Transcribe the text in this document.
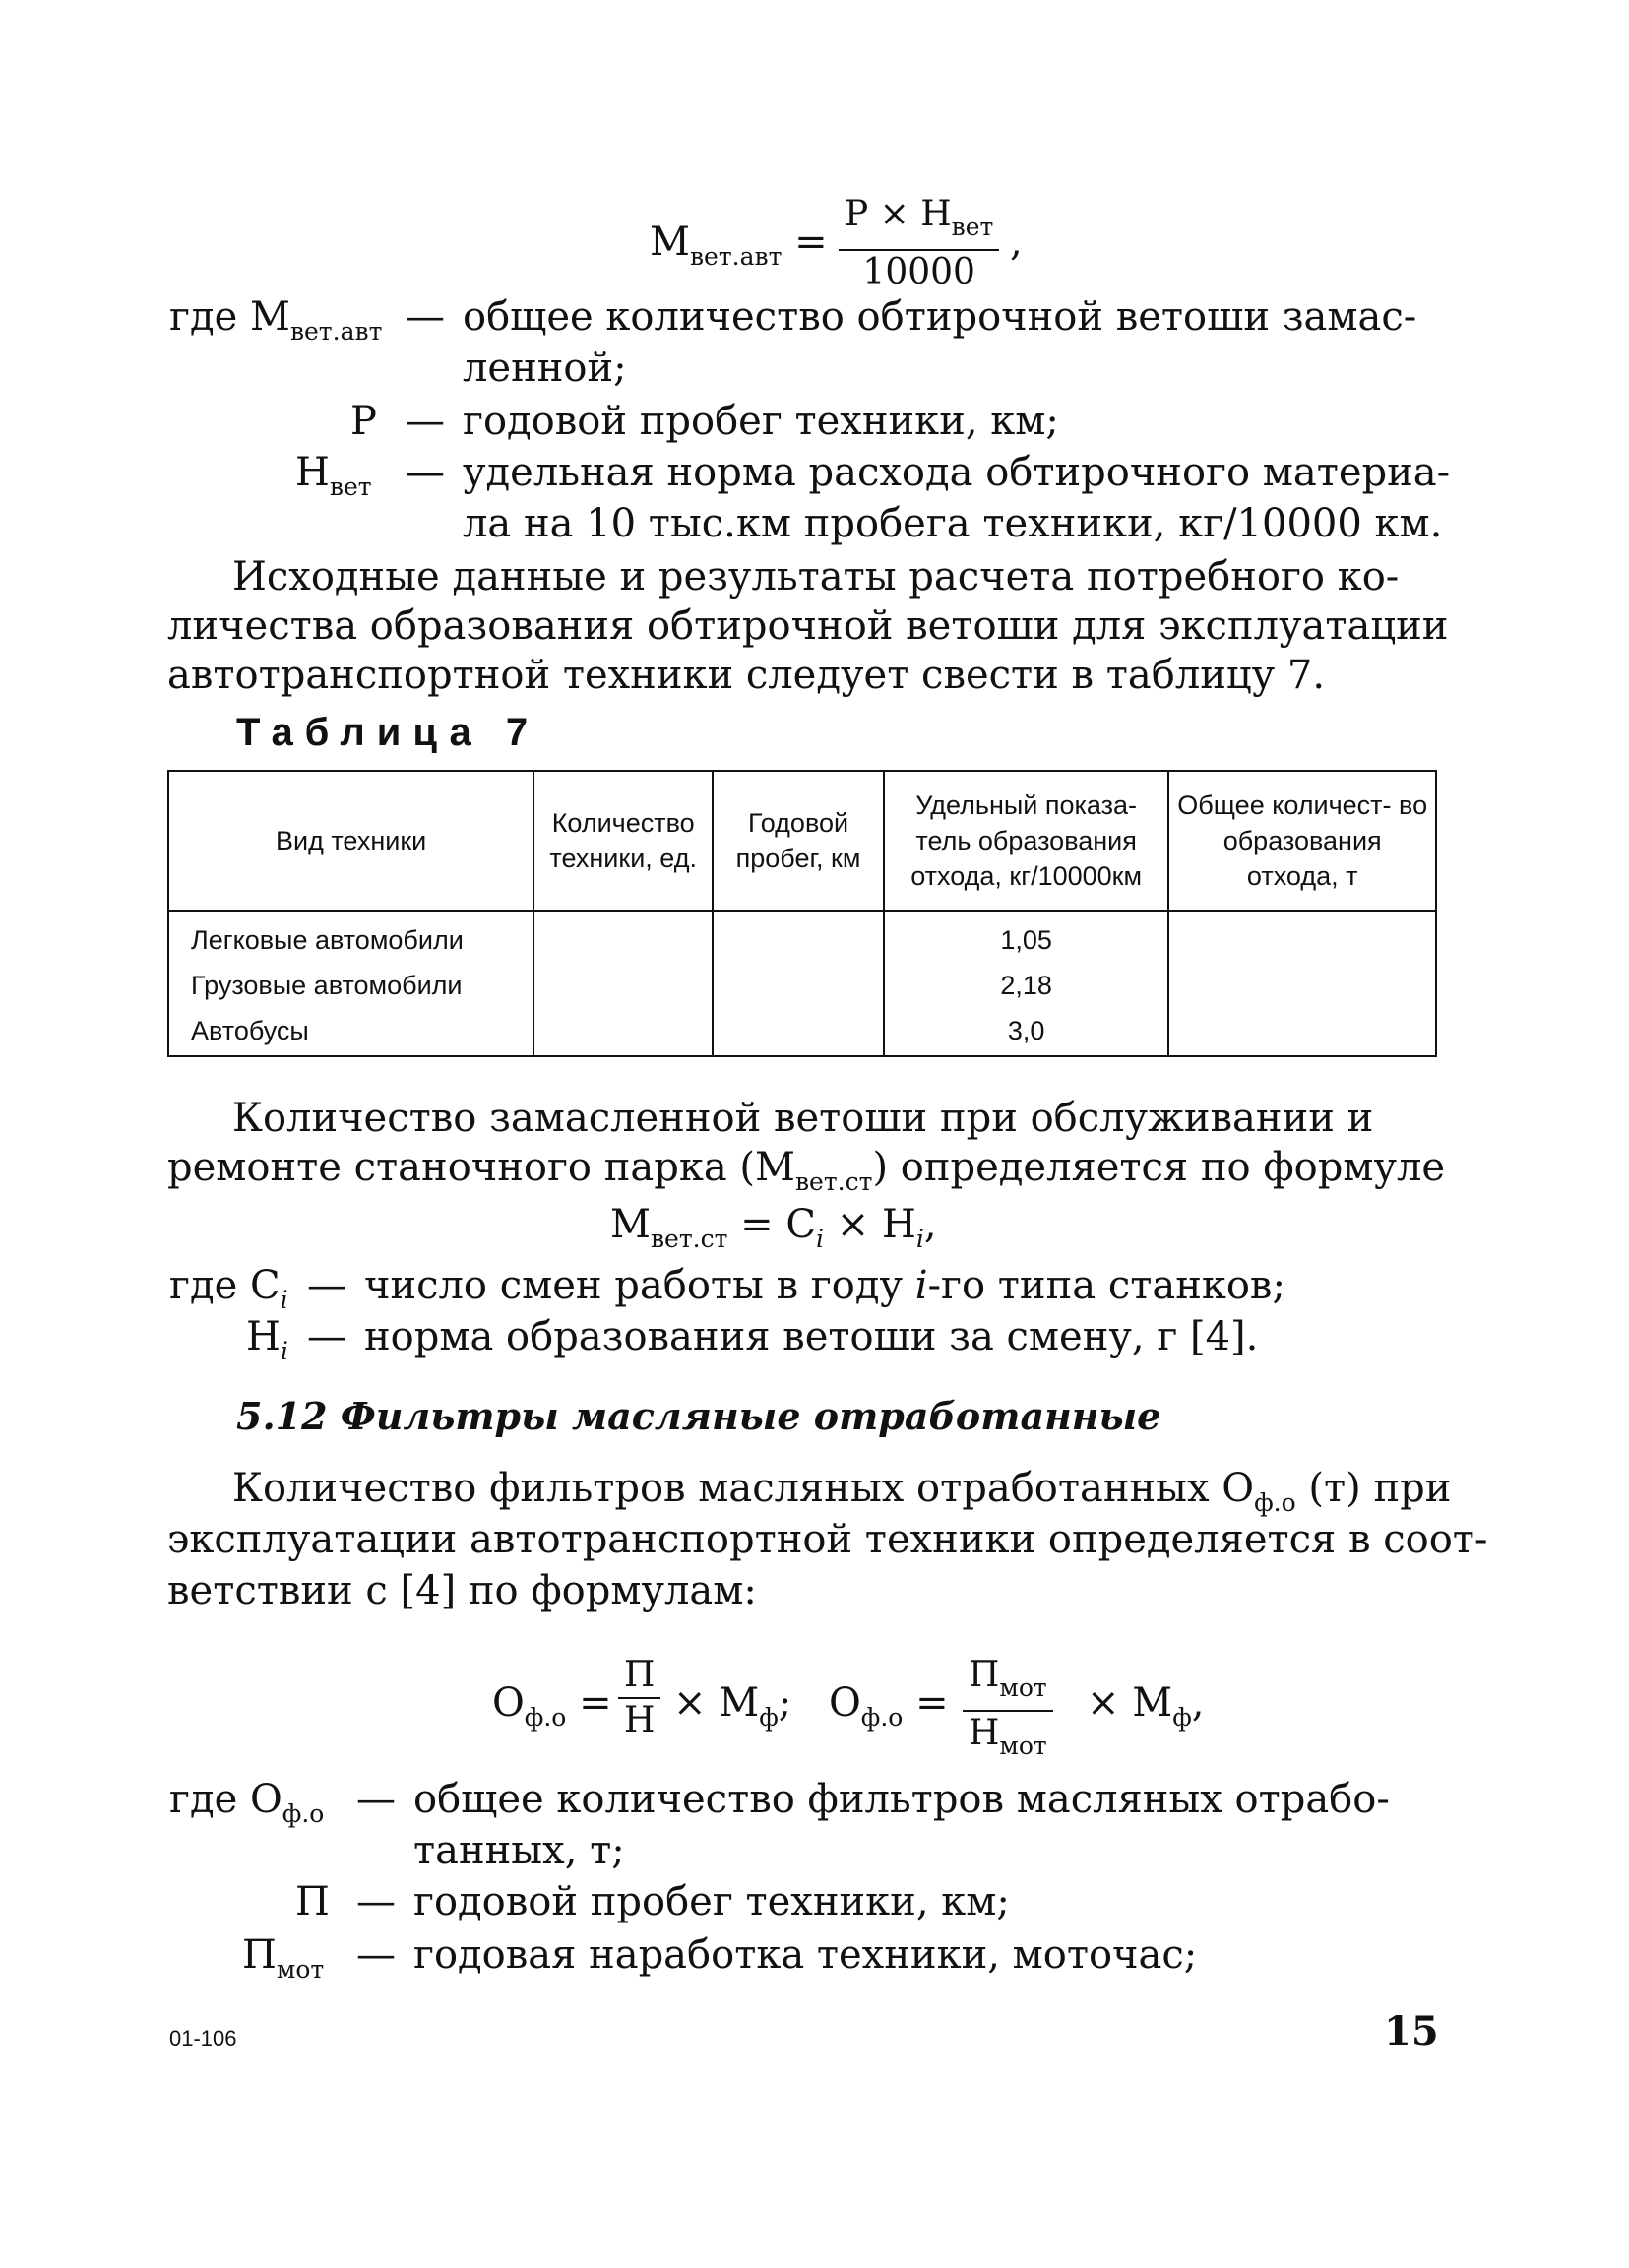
$М_{вет.авт}$ =
$Р \times Н_{вет}$
10000
,
где $М_{вет.авт}$ — общее количество обтирочной ветоши замас-
ленной;
Р — годовой пробег техники, км;
$Н_{вет}$ — удельная норма расхода обтирочного материа-
ла на 10 тыс.км пробега техники, кг/10000 км.
Исходные данные и результаты расчета потребного ко-
личества образования обтирочной ветоши для эксплуатации
автотранспортной техники следует свести в таблицу 7.
Таблица 7
Вид техники	Количество техники, ед.	Годовой пробег, км	Удельный показа- тель образования отхода, кг/10000км	Общее количест- во образования отхода, т
Легковые автомобили			1,05	
Грузовые автомобили			2,18	
Автобусы			3,0	
Количество замасленной ветоши при обслуживании и
ремонте станочного парка $(М_{вет.ст})$ определяется по формуле
$М_{вет.ст} = C_i \times Н_i$,
где $C_i$ — число смен работы в году i-го типа станков;
$Н_i$ — норма образования ветоши за смену, г [4].
5.12 Фильтры масляные отработанные
Количество фильтров масляных отработанных $О_{ф.о}$ (т) при
эксплуатации автотранспортной техники определяется в соот-
ветствии с [4] по формулам:
$О_{ф.о}$ =
П
$Н \times М_ф$; $О_{ф.о}$ =
$П_{мот}$
$Н_{мот}$
× $М_ф$,
где $О_{ф.о}$ — общее количество фильтров масляных отрабо-
танных, т;
П — годовой пробег техники, км;
$П_{мот}$ — годовая наработка техники, моточас;
01-106	15
